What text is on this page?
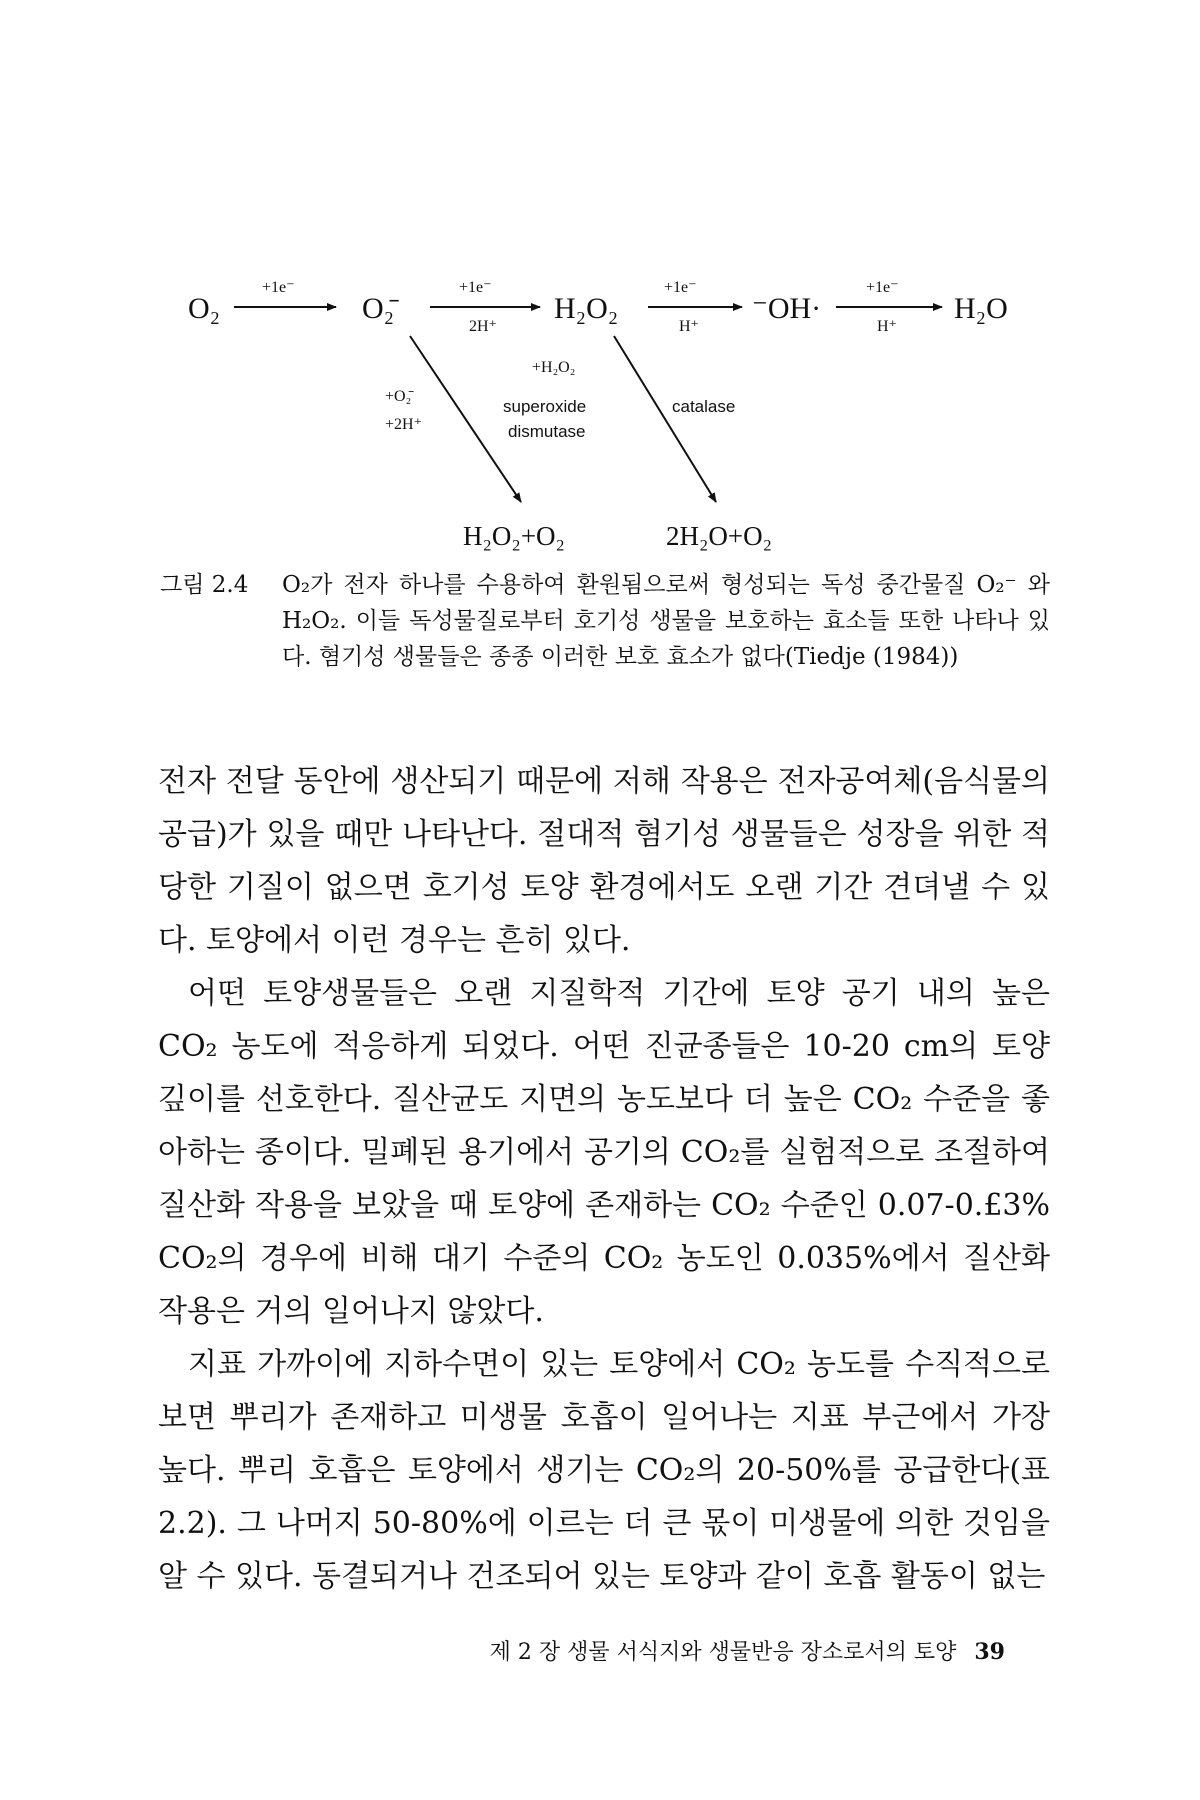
O₂
+1e⁻
O₂̄
+1e⁻
2H⁺
H₂O₂
+1e⁻
H⁺
⁻OH·
+1e⁻
H⁺
H₂O
+O₂̄
+2H⁺
superoxide
dismutase
H₂O₂+O₂
+H₂O₂
catalase
2H₂O+O₂
그림 2.4	O₂가 전자 하나를 수용하여 환원됨으로써 형성되는 독성 중간물질 O₂⁻ 와 H₂O₂. 이들 독성물질로부터 호기성 생물을 보호하는 효소들 또한 나타나 있다. 혐기성 생물들은 종종 이러한 보호 효소가 없다(Tiedje (1984))

전자 전달 동안에 생산되기 때문에 저해 작용은 전자공여체(음식물의 공급)가 있을 때만 나타난다. 절대적 혐기성 생물들은 성장을 위한 적당한 기질이 없으면 호기성 토양 환경에서도 오랜 기간 견뎌낼 수 있다. 토양에서 이런 경우는 흔히 있다.

어떤 토양생물들은 오랜 지질학적 기간에 토양 공기 내의 높은 CO₂ 농도에 적응하게 되었다. 어떤 진균종들은 10-20 cm의 토양 깊이를 선호한다. 질산균도 지면의 농도보다 더 높은 CO₂ 수준을 좋아하는 종이다. 밀폐된 용기에서 공기의 CO₂를 실험적으로 조절하여 질산화 작용을 보았을 때 토양에 존재하는 CO₂ 수준인 0.07-0.£3% CO₂의 경우에 비해 대기 수준의 CO₂ 농도인 0.035%에서 질산화 작용은 거의 일어나지 않았다.

지표 가까이에 지하수면이 있는 토양에서 CO₂ 농도를 수직적으로 보면 뿌리가 존재하고 미생물 호흡이 일어나는 지표 부근에서 가장 높다. 뿌리 호흡은 토양에서 생기는 CO₂의 20-50%를 공급한다(표 2.2). 그 나머지 50-80%에 이르는 더 큰 몫이 미생물에 의한 것임을 알 수 있다. 동결되거나 건조되어 있는 토양과 같이 호흡 활동이 없는

제 2 장 생물 서식지와 생물반응 장소로서의 토양 39
